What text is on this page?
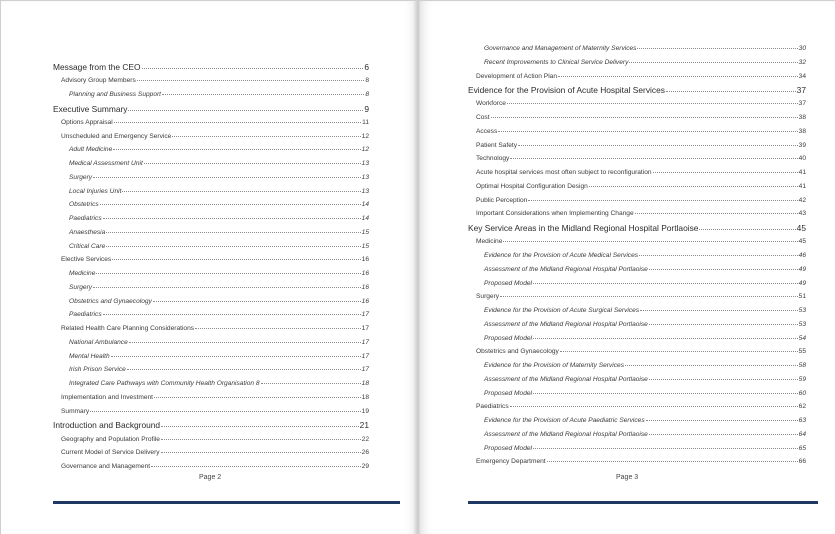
Message from the CEO	6
Advisory Group Members	8
Planning and Business Support	8
Executive Summary	9
Options Appraisal	11
Unscheduled and Emergency Service	12
Adult Medicine	12
Medical Assessment Unit	13
Surgery	13
Local Injuries Unit	13
Obstetrics	14
Paediatrics	14
Anaesthesia	15
Critical Care	15
Elective Services	16
Medicine	16
Surgery	16
Obstetrics and Gynaecology	16
Paediatrics	17
Related Health Care Planning Considerations	17
National Ambulance	17
Mental Health	17
Irish Prison Service	17
Integrated Care Pathways with Community Health Organisation 8	18
Implementation and Investment	18
Summary	19
Introduction and Background	21
Geography and Population Profile	22
Current Model of Service Delivery	26
Governance and Management	29
Page 2
Governance and Management of Maternity Services	30
Recent Improvements to Clinical Service Delivery	32
Development of Action Plan	34
Evidence for the Provision of Acute Hospital Services	37
Workforce	37
Cost	38
Access	38
Patient Safety	39
Technology	40
Acute hospital services most often subject to reconfiguration	41
Optimal Hospital Configuration Design	41
Public Perception	42
Important Considerations when Implementing Change	43
Key Service Areas in the Midland Regional Hospital Portlaoise	45
Medicine	45
Evidence for the Provision of Acute Medical Services	46
Assessment of the Midland Regional Hospital Portlaoise	49
Proposed Model	49
Surgery	51
Evidence for the Provision of Acute Surgical Services	53
Assessment of the Midland Regional Hospital Portlaoise	53
Proposed Model	54
Obstetrics and Gynaecology	55
Evidence for the Provision of Maternity Services	58
Assessment of the Midland Regional Hospital Portlaoise	59
Proposed Model	60
Paediatrics	62
Evidence for the Provision of Acute Paediatric Services	63
Assessment of the Midland Regional Hospital Portlaoise	64
Proposed Model	65
Emergency Department	66
Page 3
